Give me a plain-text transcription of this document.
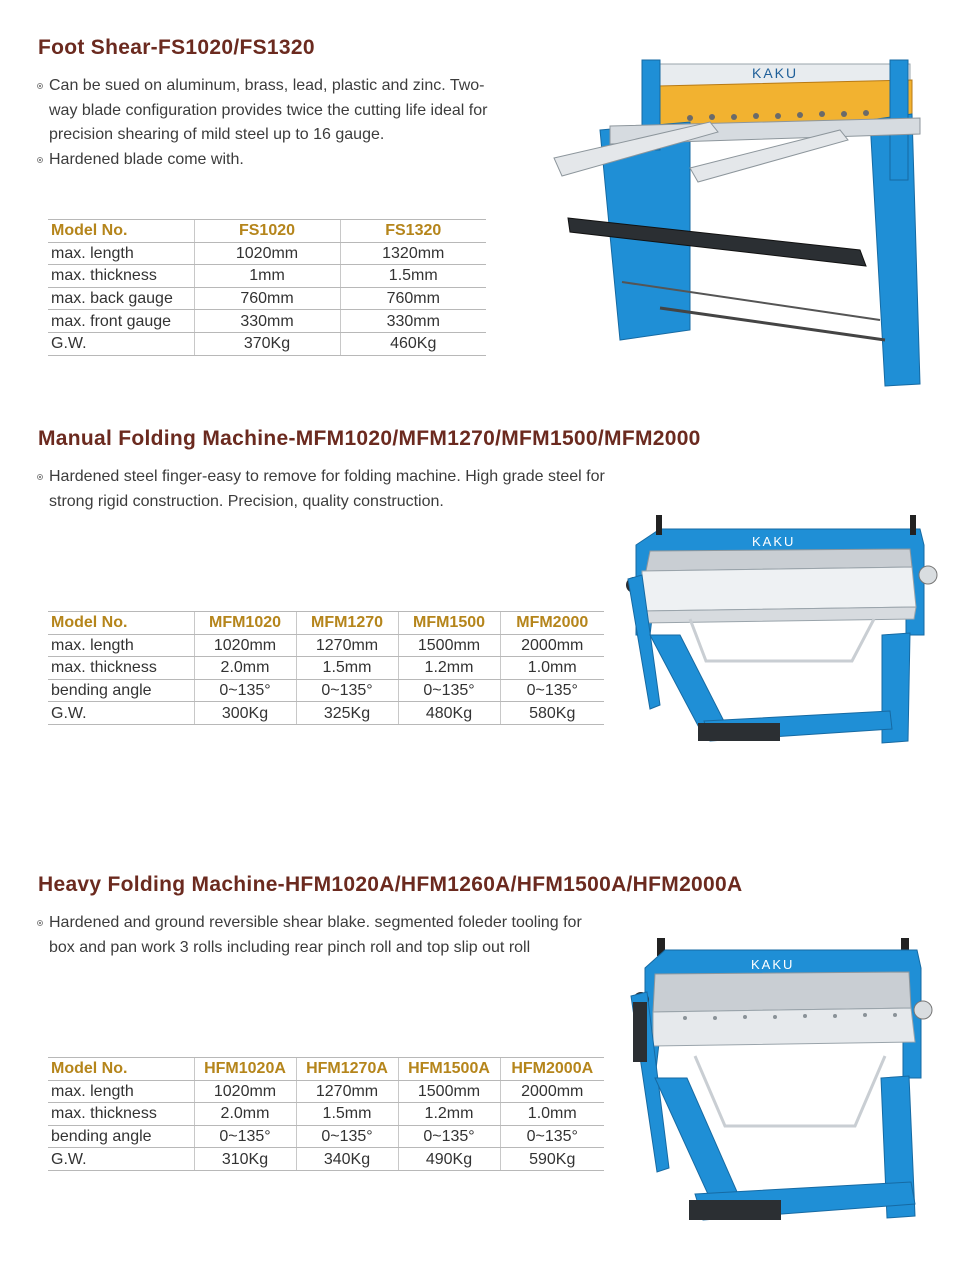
Foot Shear-FS1020/FS1320
Can be sued on aluminum, brass, lead, plastic and zinc. Two-way blade configuration provides twice the cutting life ideal for precision shearing of mild steel up to 16 gauge.
Hardened blade come with.
Model No.	FS1020	FS1320
max. length	1020mm	1320mm
max. thickness	1mm	1.5mm
max. back gauge	760mm	760mm
max. front gauge	330mm	330mm
G.W.	370Kg	460Kg
KAKU
Manual Folding Machine-MFM1020/MFM1270/MFM1500/MFM2000
Hardened steel finger-easy to remove for folding machine. High grade steel for strong rigid construction. Precision, quality construction.
Model No.	MFM1020	MFM1270	MFM1500	MFM2000
max. length	1020mm	1270mm	1500mm	2000mm
max. thickness	2.0mm	1.5mm	1.2mm	1.0mm
bending angle	0~135°	0~135°	0~135°	0~135°
G.W.	300Kg	325Kg	480Kg	580Kg
KAKU
Heavy Folding Machine-HFM1020A/HFM1260A/HFM1500A/HFM2000A
Hardened and ground reversible shear blake. segmented foleder tooling for box and pan work 3 rolls including rear pinch roll and top slip out roll
Model No.	HFM1020A	HFM1270A	HFM1500A	HFM2000A
max. length	1020mm	1270mm	1500mm	2000mm
max. thickness	2.0mm	1.5mm	1.2mm	1.0mm
bending angle	0~135°	0~135°	0~135°	0~135°
G.W.	310Kg	340Kg	490Kg	590Kg
KAKU
